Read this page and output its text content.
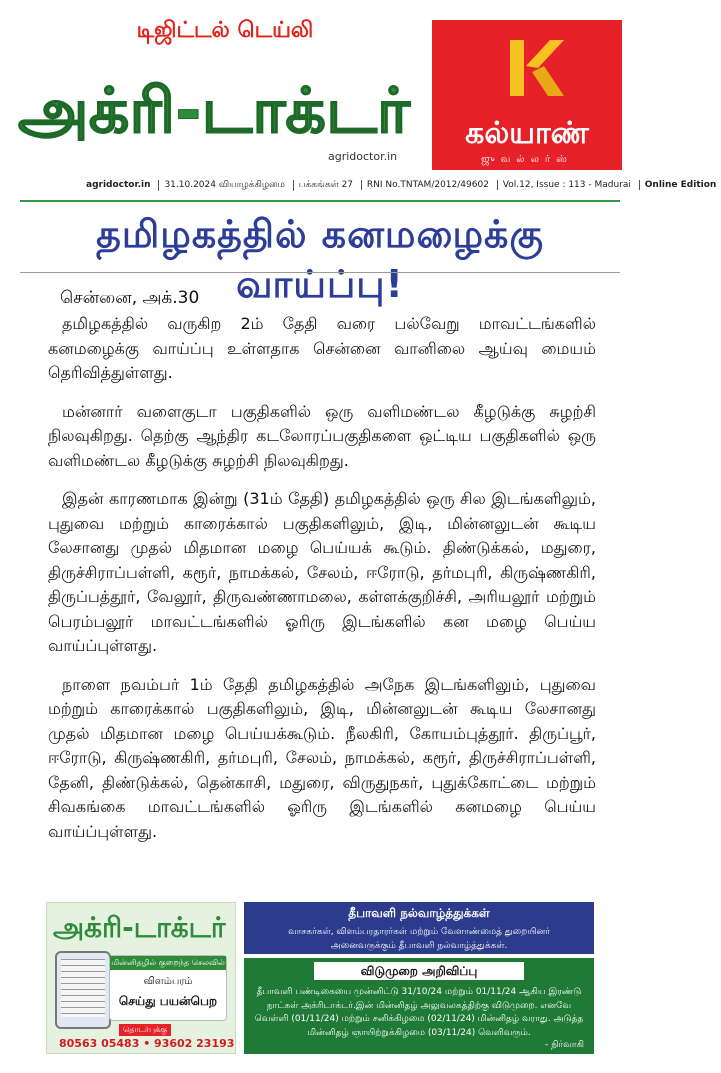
டிஜிட்டல் டெய்லி
அக்ரி-டாக்டர்
agridoctor.in
கல்யாண்
ஜுவல்லர்ஸ்
agridoctor.in 31.10.2024 வியாழக்கிழமை பக்கங்கள் 27 RNI No.TNTAM/2012/49602 Vol.12, Issue : 113 - Madurai Online Edition
தமிழகத்தில் கனமழைக்கு வாய்ப்பு!
சென்னை, அக்.30

தமிழகத்தில் வருகிற 2ம் தேதி வரை பல்வேறு மாவட்டங்களில் கனமழைக்கு வாய்ப்பு உள்ளதாக சென்னை வானிலை ஆய்வு மையம் தெரிவித்துள்ளது.

மன்னார் வளைகுடா பகுதிகளில் ஒரு வளிமண்டல கீழடுக்கு சுழற்சி நிலவுகிறது. தெற்கு ஆந்திர கடலோரப்பகுதிகளை ஒட்டிய பகுதிகளில் ஒரு வளிமண்டல கீழடுக்கு சுழற்சி நிலவுகிறது.

இதன் காரணமாக இன்று (31ம் தேதி) தமிழகத்தில் ஒரு சில இடங்களிலும், புதுவை மற்றும் காரைக்கால் பகுதிகளிலும், இடி, மின்னலுடன் கூடிய லேசானது முதல் மிதமான மழை பெய்யக் கூடும். திண்டுக்கல், மதுரை, திருச்சிராப்பள்ளி, கரூர், நாமக்கல், சேலம், ஈரோடு, தர்மபுரி, கிருஷ்ணகிரி, திருப்பத்தூர், வேலூர், திருவண்ணாமலை, கள்ளக்குறிச்சி, அரியலூர் மற்றும் பெரம்பலூர் மாவட்டங்களில் ஓரிரு இடங்களில் கன மழை பெய்ய வாய்ப்புள்ளது.

நாளை நவம்பர் 1ம் தேதி தமிழகத்தில் அநேக இடங்களிலும், புதுவை மற்றும் காரைக்கால் பகுதிகளிலும், இடி, மின்னலுடன் கூடிய லேசானது முதல் மிதமான மழை பெய்யக்கூடும். நீலகிரி, கோயம்புத்தூர். திருப்பூர், ஈரோடு, கிருஷ்ணகிரி, தர்மபுரி, சேலம், நாமக்கல், கரூர், திருச்சிராப்பள்ளி, தேனி, திண்டுக்கல், தென்காசி, மதுரை, விருதுநகர், புதுக்கோட்டை மற்றும் சிவகங்கை மாவட்டங்களில் ஓரிரு இடங்களில் கனமழை பெய்ய வாய்ப்புள்ளது.

அக்ரி-டாக்டர்
மின்னிதழில் குறைந்த செலவில்
விளம்பரம்
செய்து பயன்பெற
தொடர்புக்கு
80563 05483 • 93602 23193
தீபாவளி நல்வாழ்த்துக்கள்
வாசகர்கள், விளம்பரதாரர்கள் மற்றும் வேளாண்மைத் துறையினர்
அனைவருக்கும் தீபாவளி நல்வாழ்த்துக்கள்.
விடுமுறை அறிவிப்பு
தீபாவளி பண்டிகையை முன்னிட்டு 31/10/24 மற்றும் 01/11/24 ஆகிய இரண்டு நாட்கள் அக்ரிடாக்டர்.இன் மின்னிதழ் அலுவலகத்திற்கு விடுமுறை. எனவே வெள்ளி (01/11/24) மற்றும் சனிக்கிழமை (02/11/24) மின்னிதழ் வராது. அடுத்த மின்னிதழ் ஞாயிற்றுக்கிழமை (03/11/24) வெளிவரும்.
- நிர்வாகி
